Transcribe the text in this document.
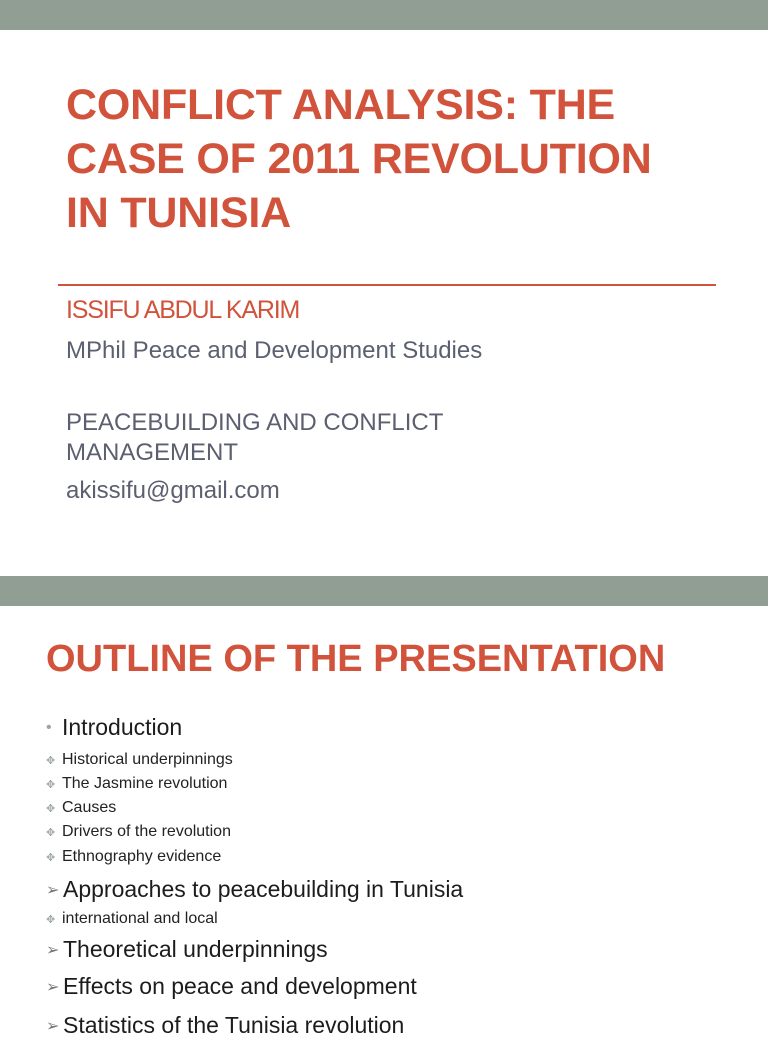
CONFLICT ANALYSIS: THE
CASE OF 2011 REVOLUTION
IN TUNISIA
ISSIFU ABDUL KARIM
MPhil Peace and Development Studies
PEACEBUILDING AND CONFLICT
MANAGEMENT
akissifu@gmail.com
OUTLINE OF THE PRESENTATION
• Introduction
✥ Historical underpinnings
✥ The Jasmine revolution
✥ Causes
✥ Drivers of the revolution
✥ Ethnography evidence
➢ Approaches to peacebuilding in Tunisia
✥ international and local
➢ Theoretical underpinnings
➢ Effects on peace and development
➢ Statistics of the Tunisia revolution
